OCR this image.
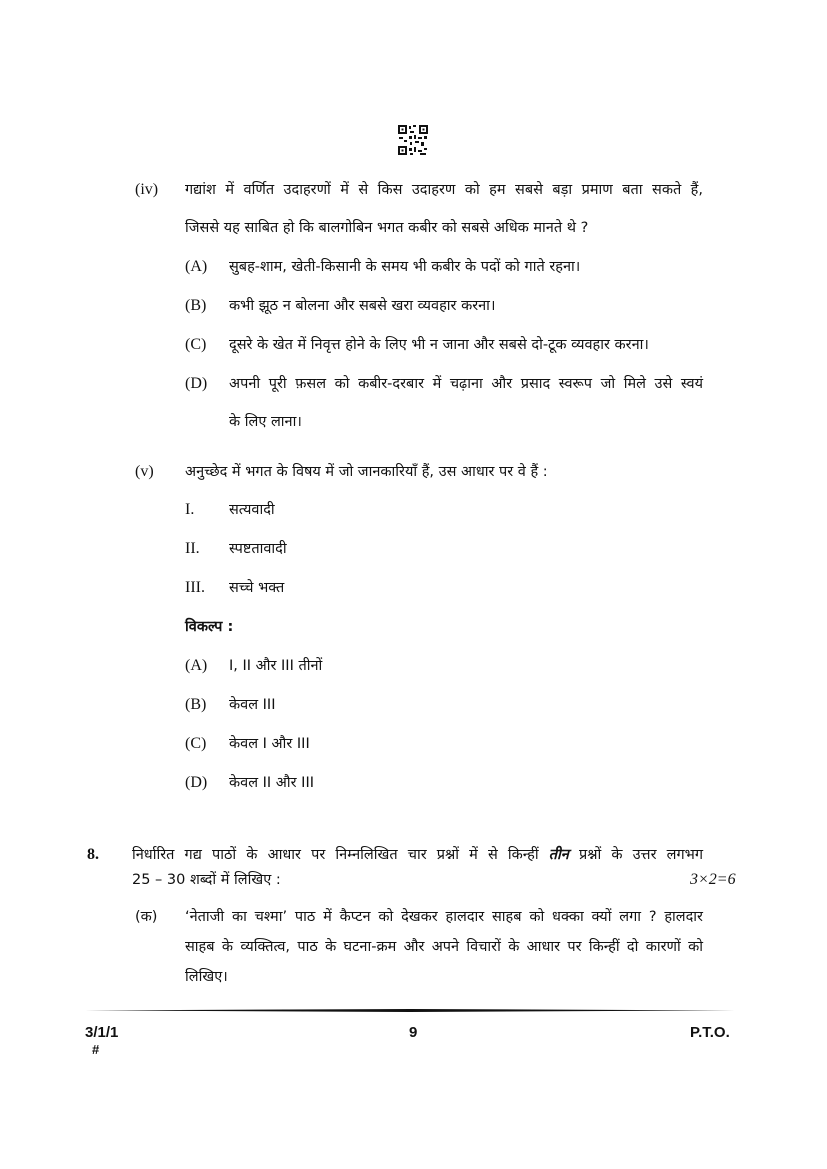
(iv) गद्यांश में वर्णित उदाहरणों में से किस उदाहरण को हम सबसे बड़ा प्रमाण बता सकते हैं,
जिससे यह साबित हो कि बालगोबिन भगत कबीर को सबसे अधिक मानते थे ?
(A) सुबह-शाम, खेती-किसानी के समय भी कबीर के पदों को गाते रहना।
(B) कभी झूठ न बोलना और सबसे खरा व्यवहार करना।
(C) दूसरे के खेत में निवृत्त होने के लिए भी न जाना और सबसे दो-टूक व्यवहार करना।
(D) अपनी पूरी फ़सल को कबीर-दरबार में चढ़ाना और प्रसाद स्वरूप जो मिले उसे स्वयं
के लिए लाना।
(v) अनुच्छेद में भगत के विषय में जो जानकारियाँ हैं, उस आधार पर वे हैं :
I. सत्यवादी
II. स्पष्टतावादी
III. सच्चे भक्त
विकल्प :
(A) I, II और III तीनों
(B) केवल III
(C) केवल I और III
(D) केवल II और III
8. निर्धारित गद्य पाठों के आधार पर निम्नलिखित चार प्रश्नों में से किन्हीं तीन प्रश्नों के उत्तर लगभग
25 – 30 शब्दों में लिखिए :	3×2=6
(क) ‘नेताजी का चश्मा’ पाठ में कैप्टन को देखकर हालदार साहब को धक्का क्यों लगा ? हालदार
साहब के व्यक्तित्व, पाठ के घटना-क्रम और अपने विचारों के आधार पर किन्हीं दो कारणों को
लिखिए।
3/1/1
#
9	P.T.O.
